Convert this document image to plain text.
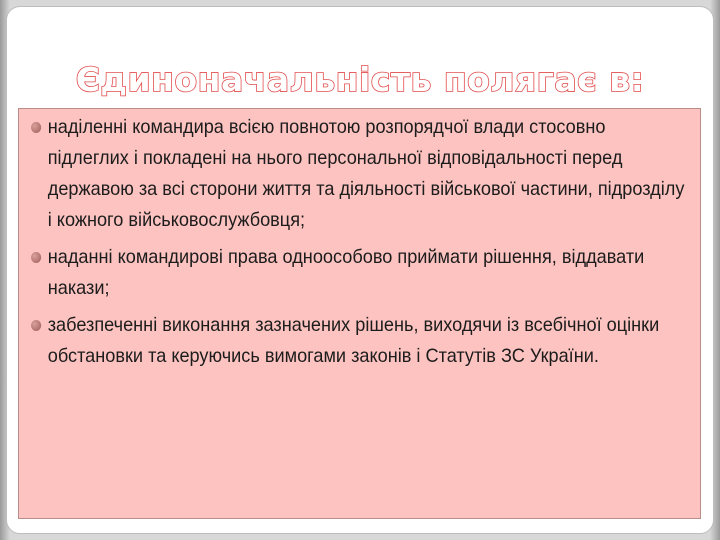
Єдиноначальність полягає в:
наділенні командира всією повнотою розпорядчої влади стосовно підлеглих і покладені на нього персональної відповідальності перед державою за всі сторони життя та діяльності військової частини, підрозділу і кожного військовослужбовця;
наданні командирові права одноособово приймати рішення, віддавати накази;
забезпеченні виконання зазначених рішень, виходячи із всебічної оцінки обстановки та керуючись вимогами законів і Статутів ЗС України.
